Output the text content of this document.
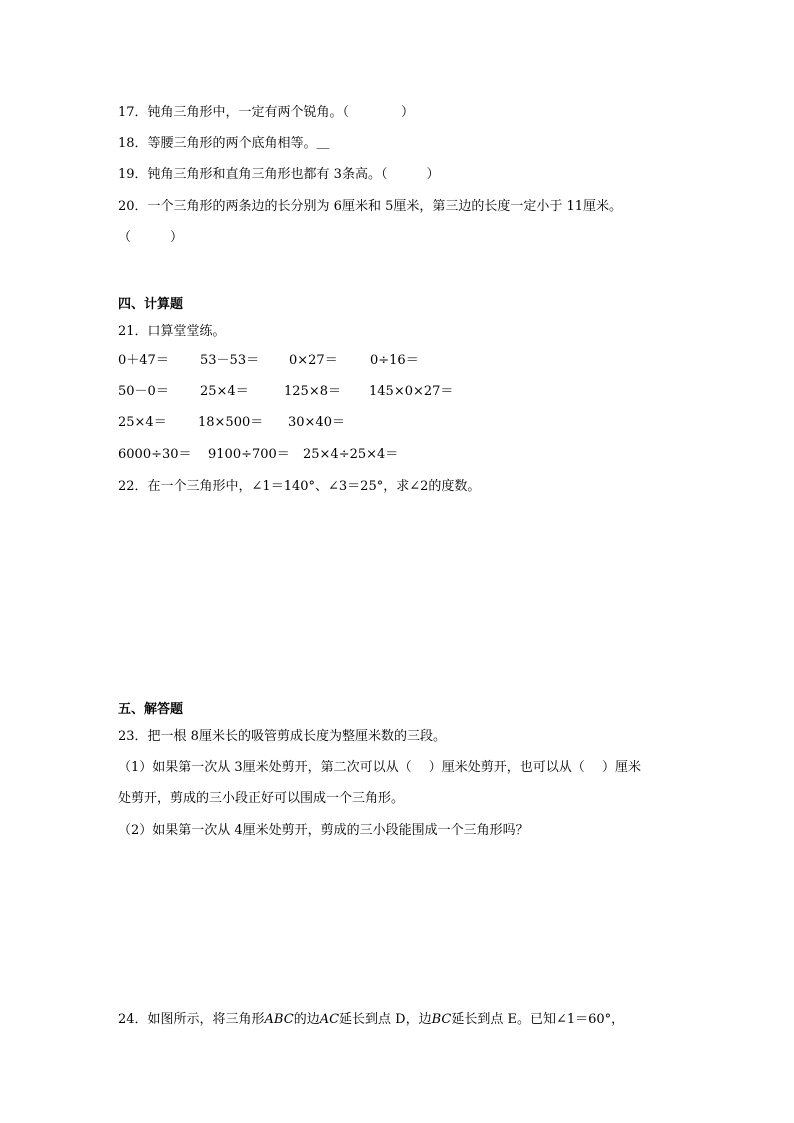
17．钝角三角形中，一定有两个锐角。（　　　　）
18．等腰三角形的两个底角相等。＿
19．钝角三角形和直角三角形也都有 3条高。（　　　）
20．一个三角形的两条边的长分别为 6厘米和 5厘米，第三边的长度一定小于 11厘米。
（　　　）
四、计算题
21．口算堂堂练。
0＋47＝ 53－53＝ 0×27＝ 0÷16＝
50－0＝ 25×4＝	125×8＝ 145×0×27＝
25×4＝ 18×500＝ 30×40＝
6000÷30＝ 9100÷700＝ 25×4÷25×4＝
22．在一个三角形中，∠1＝140°、∠3＝25°，求∠2的度数。
五、解答题
23．把一根 8厘米长的吸管剪成长度为整厘米数的三段。
（1）如果第一次从 3厘米处剪开，第二次可以从（　 ）厘米处剪开，也可以从（　 ）厘米
处剪开，剪成的三小段正好可以围成一个三角形。
（2）如果第一次从 4厘米处剪开，剪成的三小段能围成一个三角形吗？
24．如图所示，将三角形ABC的边AC延长到点 D，边BC延长到点 E。已知∠1＝60°，
